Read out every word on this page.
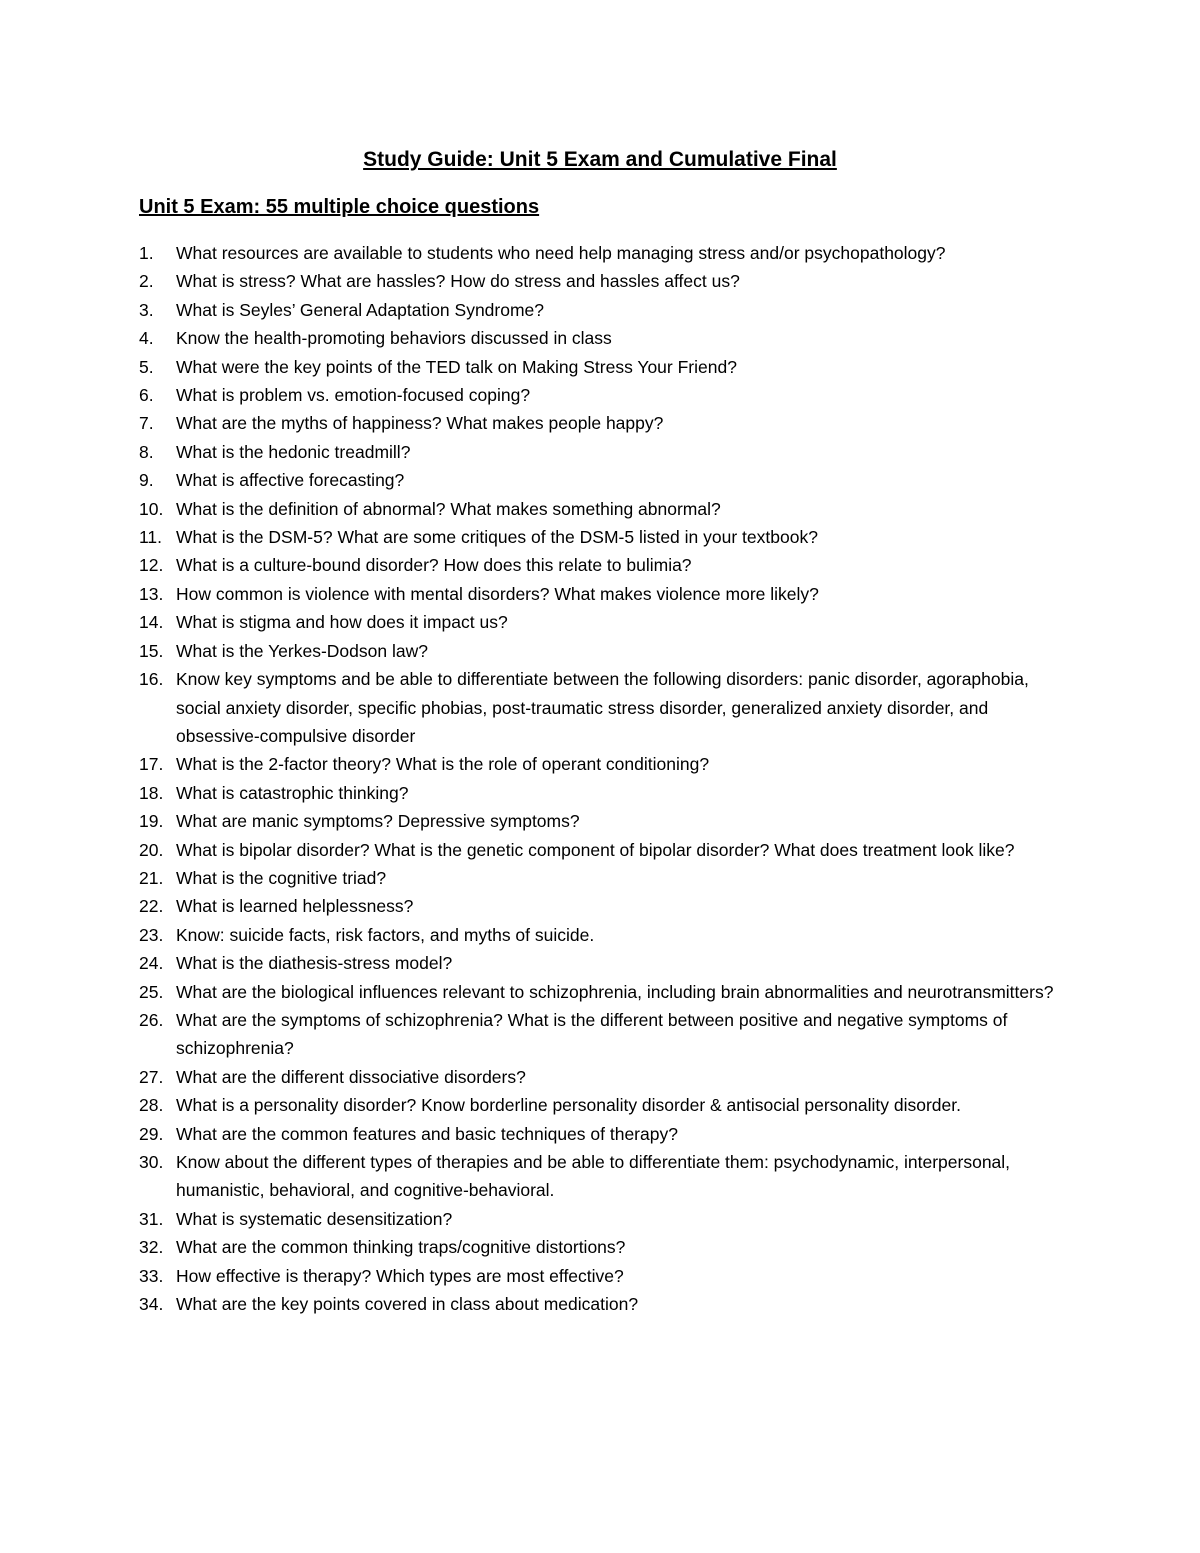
Study Guide: Unit 5 Exam and Cumulative Final
Unit 5 Exam: 55 multiple choice questions
1.	What resources are available to students who need help managing stress and/or psychopathology?
2.	What is stress? What are hassles? How do stress and hassles affect us?
3.	What is Seyles’ General Adaptation Syndrome?
4.	Know the health-promoting behaviors discussed in class
5.	What were the key points of the TED talk on Making Stress Your Friend?
6.	What is problem vs. emotion-focused coping?
7.	What are the myths of happiness? What makes people happy?
8.	What is the hedonic treadmill?
9.	What is affective forecasting?
10. What is the definition of abnormal? What makes something abnormal?
11. What is the DSM-5? What are some critiques of the DSM-5 listed in your textbook?
12. What is a culture-bound disorder? How does this relate to bulimia?
13. How common is violence with mental disorders? What makes violence more likely?
14. What is stigma and how does it impact us?
15. What is the Yerkes-Dodson law?
16. Know key symptoms and be able to differentiate between the following disorders: panic disorder, agoraphobia, social anxiety disorder, specific phobias, post-traumatic stress disorder, generalized anxiety disorder, and obsessive-compulsive disorder
17. What is the 2-factor theory? What is the role of operant conditioning?
18. What is catastrophic thinking?
19. What are manic symptoms? Depressive symptoms?
20. What is bipolar disorder? What is the genetic component of bipolar disorder? What does treatment look like?
21. What is the cognitive triad?
22. What is learned helplessness?
23. Know: suicide facts, risk factors, and myths of suicide.
24. What is the diathesis-stress model?
25. What are the biological influences relevant to schizophrenia, including brain abnormalities and neurotransmitters?
26. What are the symptoms of schizophrenia? What is the different between positive and negative symptoms of schizophrenia?
27. What are the different dissociative disorders?
28. What is a personality disorder? Know borderline personality disorder & antisocial personality disorder.
29. What are the common features and basic techniques of therapy?
30. Know about the different types of therapies and be able to differentiate them: psychodynamic, interpersonal, humanistic, behavioral, and cognitive-behavioral.
31. What is systematic desensitization?
32. What are the common thinking traps/cognitive distortions?
33. How effective is therapy? Which types are most effective?
34. What are the key points covered in class about medication?
